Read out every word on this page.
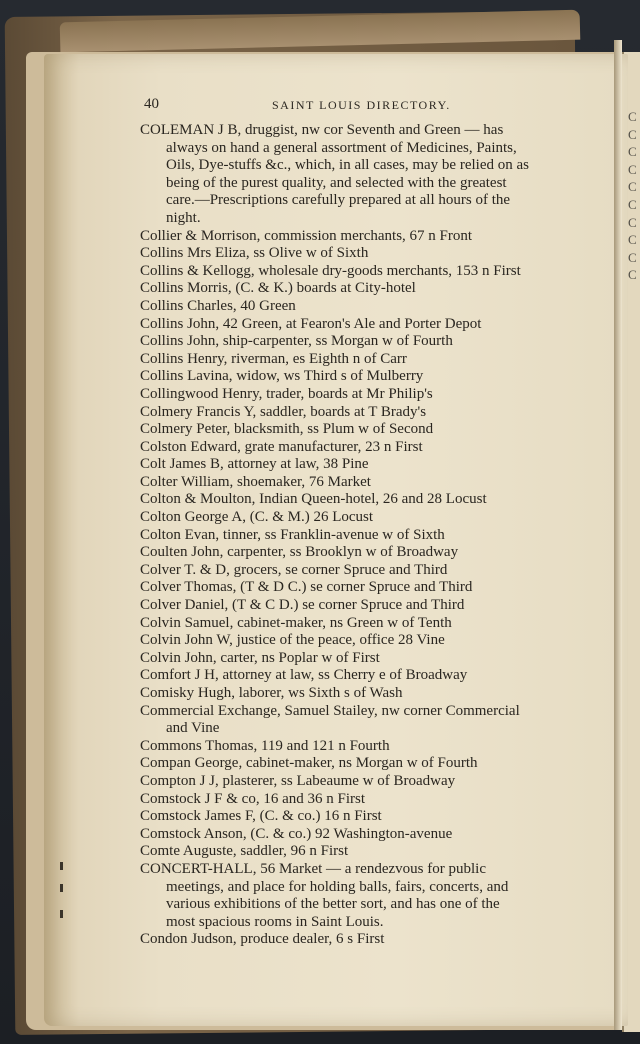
C
C
C
C
C
C
C
C
C
C
40	SAINT LOUIS DIRECTORY.

COLEMAN J B, druggist, nw cor Seventh and Green — has
always on hand a general assortment of Medicines, Paints,
Oils, Dye-stuffs &c., which, in all cases, may be relied on as
being of the purest quality, and selected with the greatest
care.—Prescriptions carefully prepared at all hours of the
night.

Collier & Morrison, commission merchants, 67 n Front

Collins Mrs Eliza, ss Olive w of Sixth

Collins & Kellogg, wholesale dry-goods merchants, 153 n First

Collins Morris, (C. & K.) boards at City-hotel

Collins Charles, 40 Green

Collins John, 42 Green, at Fearon's Ale and Porter Depot

Collins John, ship-carpenter, ss Morgan w of Fourth

Collins Henry, riverman, es Eighth n of Carr

Collins Lavina, widow, ws Third s of Mulberry

Collingwood Henry, trader, boards at Mr Philip's

Colmery Francis Y, saddler, boards at T Brady's

Colmery Peter, blacksmith, ss Plum w of Second

Colston Edward, grate manufacturer, 23 n First

Colt James B, attorney at law, 38 Pine

Colter William, shoemaker, 76 Market

Colton & Moulton, Indian Queen-hotel, 26 and 28 Locust

Colton George A, (C. & M.) 26 Locust

Colton Evan, tinner, ss Franklin-avenue w of Sixth

Coulten John, carpenter, ss Brooklyn w of Broadway

Colver T. & D, grocers, se corner Spruce and Third

Colver Thomas, (T & D C.) se corner Spruce and Third

Colver Daniel, (T & C D.) se corner Spruce and Third

Colvin Samuel, cabinet-maker, ns Green w of Tenth

Colvin John W, justice of the peace, office 28 Vine

Colvin John, carter, ns Poplar w of First

Comfort J H, attorney at law, ss Cherry e of Broadway

Comisky Hugh, laborer, ws Sixth s of Wash

Commercial Exchange, Samuel Stailey, nw corner Commercial
and Vine

Commons Thomas, 119 and 121 n Fourth

Compan George, cabinet-maker, ns Morgan w of Fourth

Compton J J, plasterer, ss Labeaume w of Broadway

Comstock J F & co, 16 and 36 n First

Comstock James F, (C. & co.) 16 n First

Comstock Anson, (C. & co.) 92 Washington-avenue

Comte Auguste, saddler, 96 n First

CONCERT-HALL, 56 Market — a rendezvous for public
meetings, and place for holding balls, fairs, concerts, and
various exhibitions of the better sort, and has one of the
most spacious rooms in Saint Louis.

Condon Judson, produce dealer, 6 s First
